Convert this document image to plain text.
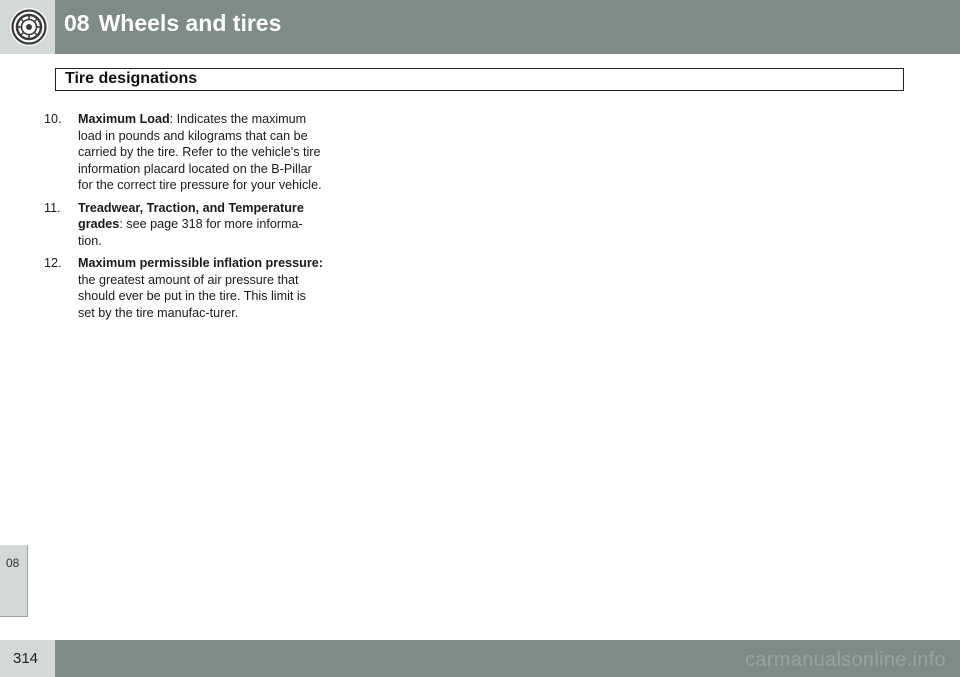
08 Wheels and tires
Tire designations
10. Maximum Load: Indicates the maximum load in pounds and kilograms that can be carried by the tire. Refer to the vehicle's tire information placard located on the B-Pillar for the correct tire pressure for your vehicle.
11. Treadwear, Traction, and Temperature grades: see page 318 for more informa-tion.
12. Maximum permissible inflation pressure: the greatest amount of air pressure that should ever be put in the tire. This limit is set by the tire manufac-turer.
08
314	carmanualsonline.info
